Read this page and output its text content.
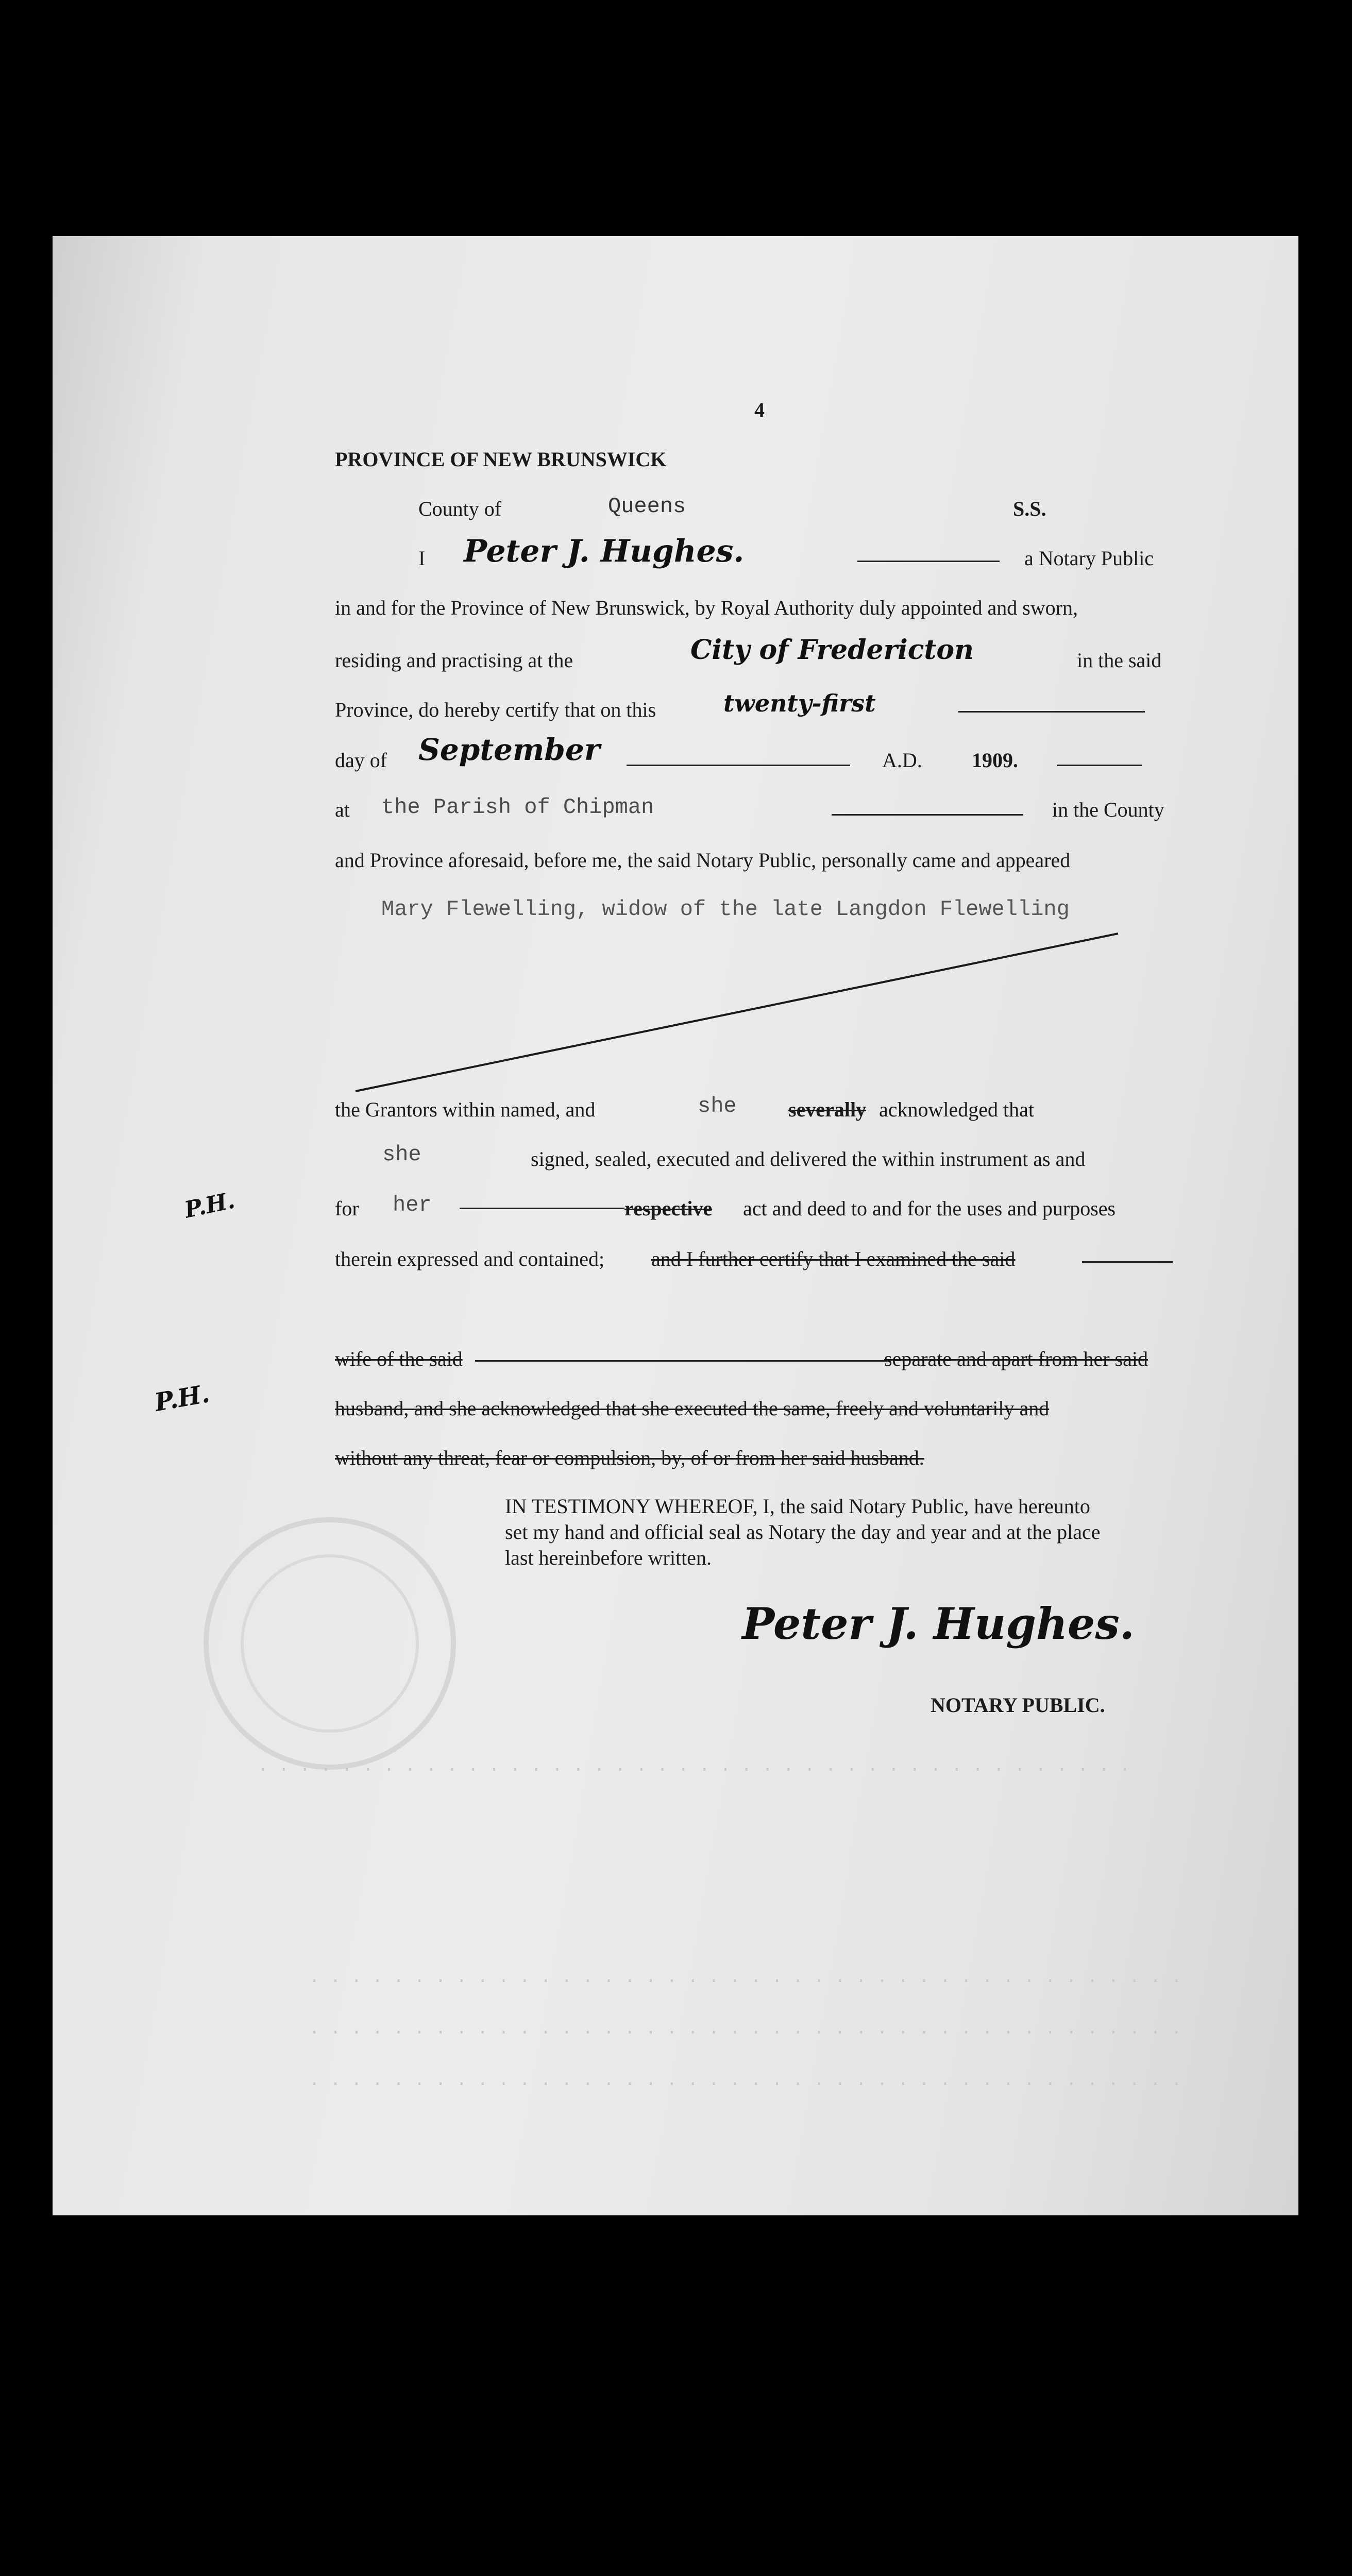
. . . . . . . . . . . . . . . . . . . . . . . . . . . . . . . . . . . . . . . . . .
. . . . . . . . . . . . . . . . . . . . . . . . . . . . . . . . . . . . . . . . . .
. . . . . . . . . . . . . . . . . . . . . . . . . . . . . . . . . . . . . . . . . .
. . . . . . . . . . . . . . . . . . . . . . . . . . . . . . . . . . . . . . . . . .
4
PROVINCE OF NEW BRUNSWICK
County of	Queens	S.S.
I Peter J. Hughes.	a Notary Public
in and for the Province of New Brunswick, by Royal Authority duly appointed and sworn,
residing and practising at the	City of Fredericton	in the said
Province, do hereby certify that on this	twenty-first
day of September	A.D. 1909.
at the Parish of Chipman	in the County
and Province aforesaid, before me, the said Notary Public, personally came and appeared
Mary Flewelling, widow of the late Langdon Flewelling
the Grantors within named, and	she	severally acknowledged that
she	signed, sealed, executed and delivered the within instrument as and
for her	respective act and deed to and for the uses and purposes
therein expressed and contained; and I further certify that I examined the said
wife of the said	separate and apart from her said
husband, and she acknowledged that she executed the same, freely and voluntarily and
without any threat, fear or compulsion, by, of or from her said husband.
IN TESTIMONY WHEREOF, I, the said Notary Public, have hereunto
set my hand and official seal as Notary the day and year and at the place
last hereinbefore written.
Peter J. Hughes.
NOTARY PUBLIC.
P.H.
P.H.
